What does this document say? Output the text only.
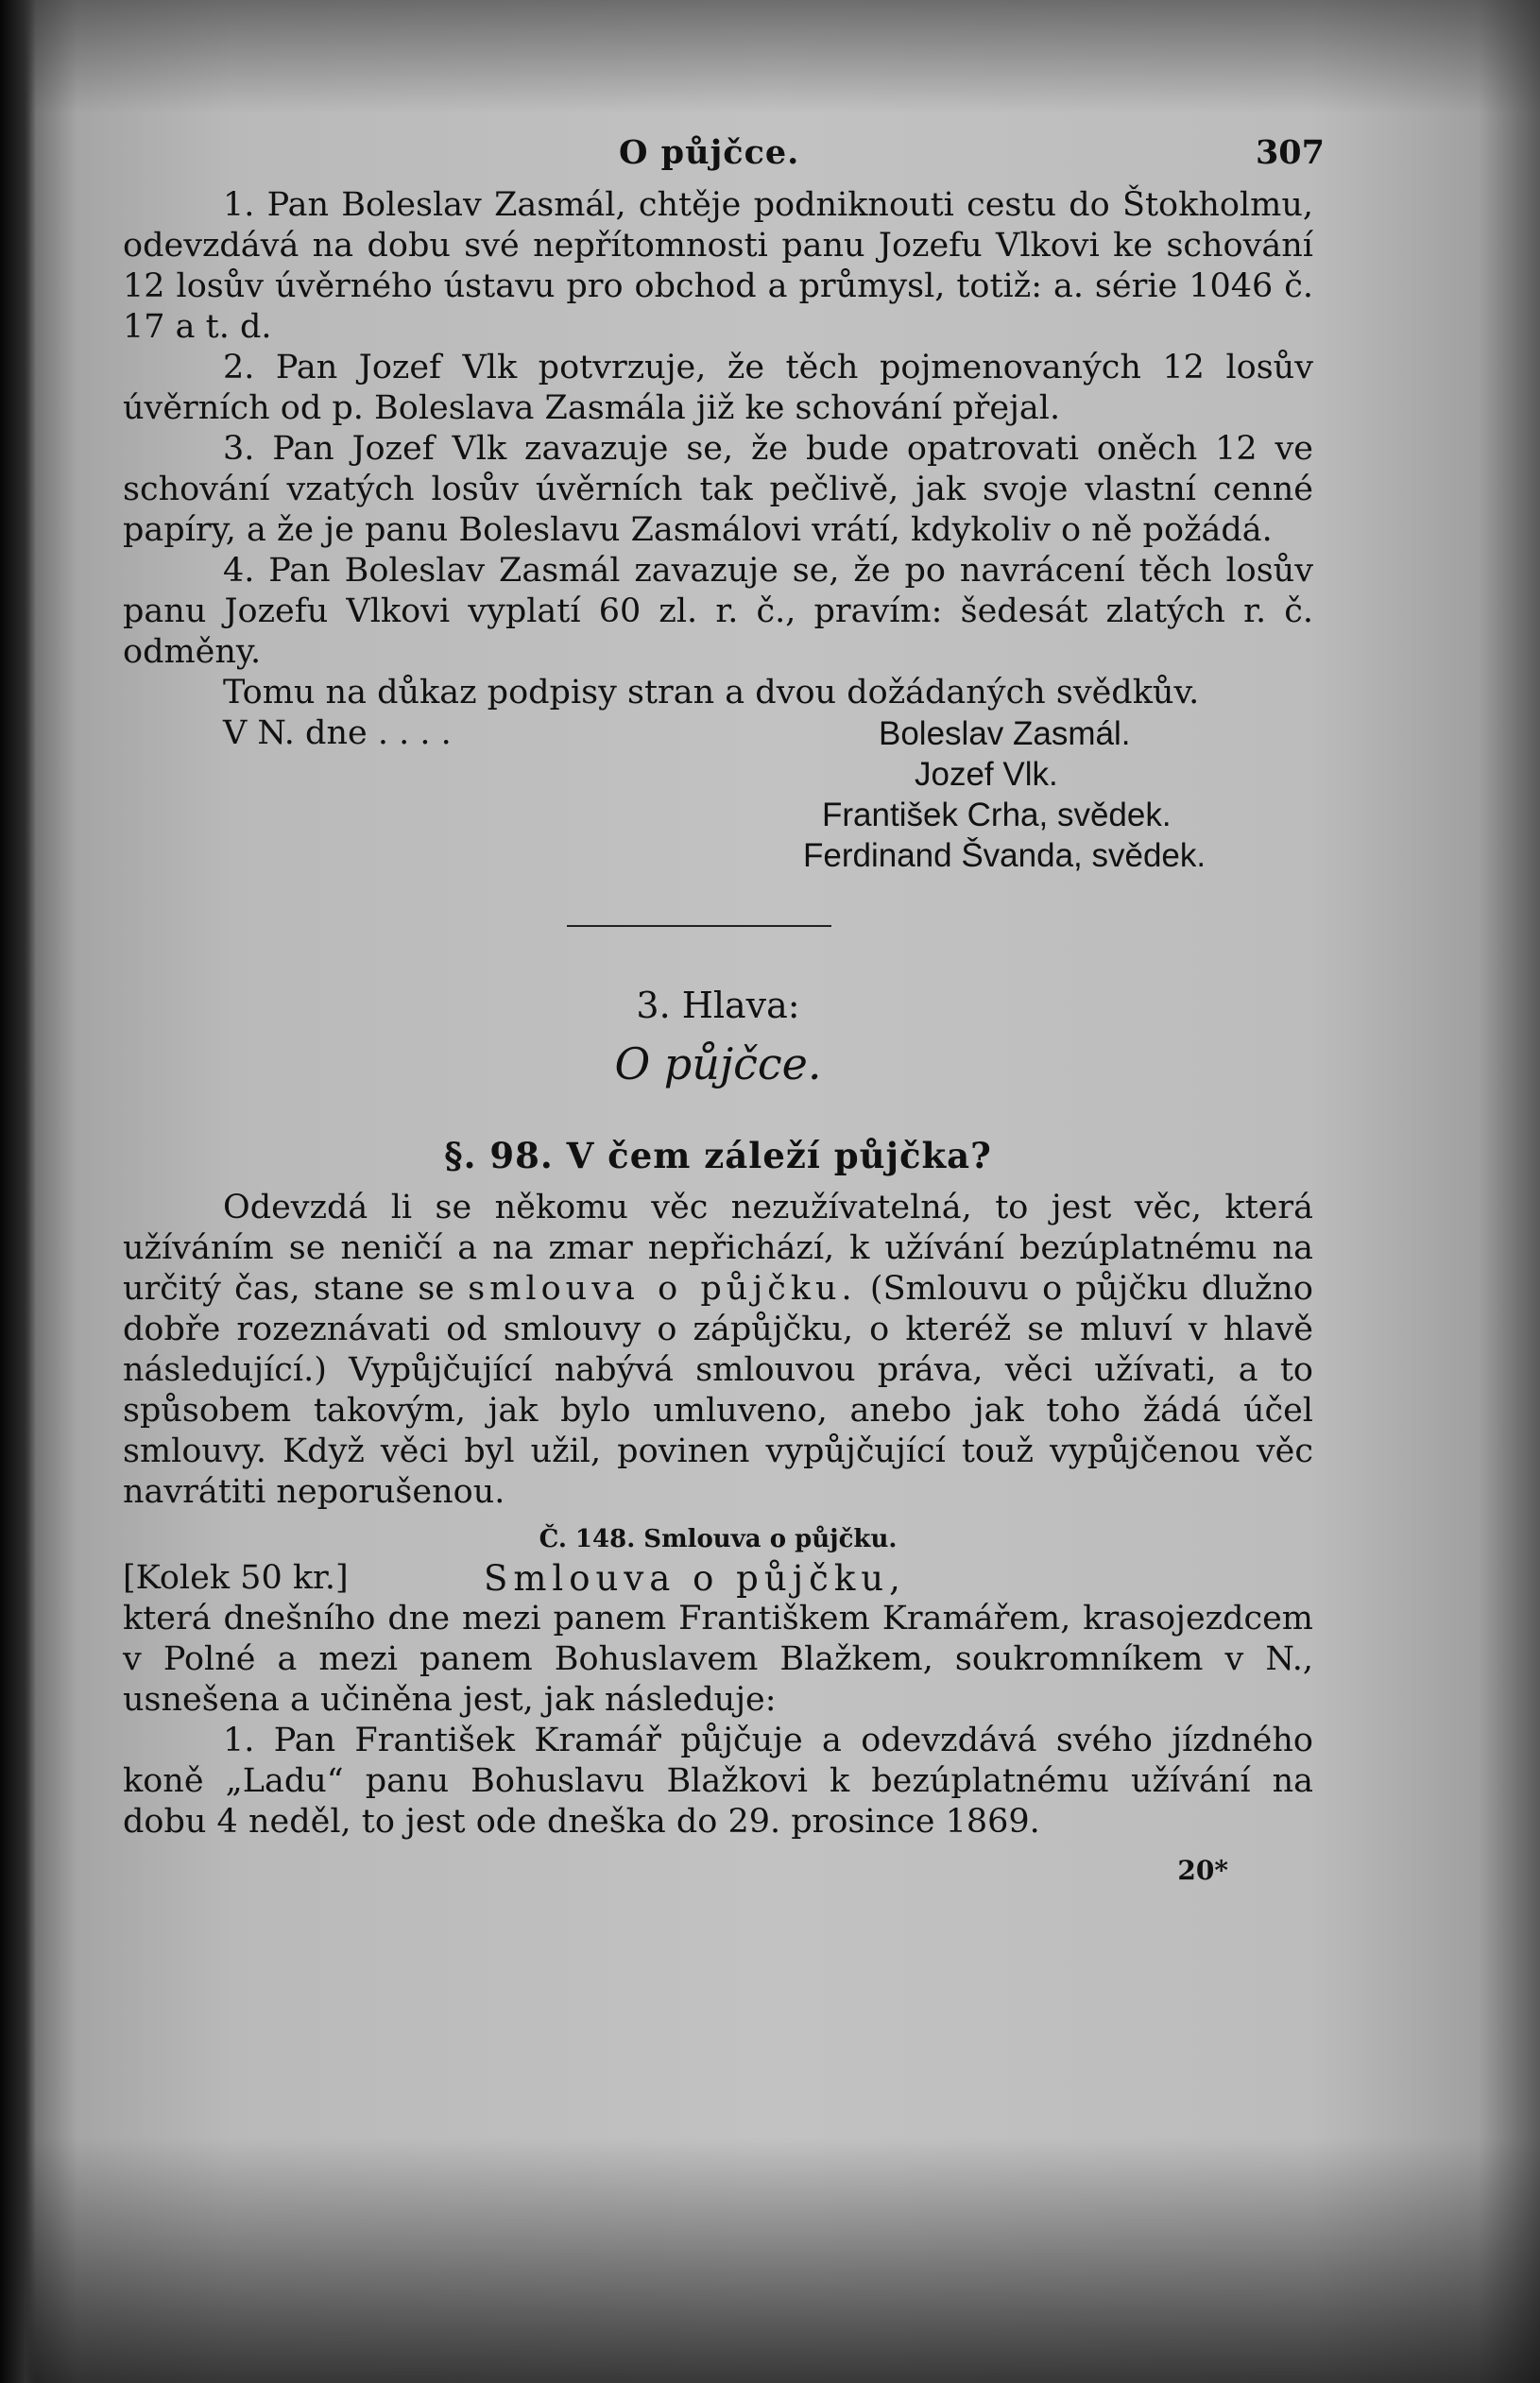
O půjčce.	307

1. Pan Boleslav Zasmál, chtěje podniknouti cestu do Štokholmu, odevzdává na dobu své nepřítomnosti panu Jozefu Vlkovi ke schování 12 losův úvěrného ústavu pro obchod a průmysl, totiž: a. série 1046 č. 17 a t. d.

2. Pan Jozef Vlk potvrzuje, že těch pojmenovaných 12 losův úvěrních od p. Boleslava Zasmála již ke schování přejal.

3. Pan Jozef Vlk zavazuje se, že bude opatrovati oněch 12 ve schování vzatých losův úvěrních tak pečlivě, jak svoje vlastní cenné papíry, a že je panu Boleslavu Zasmálovi vrátí, kdykoliv o ně požádá.

4. Pan Boleslav Zasmál zavazuje se, že po navrácení těch losův panu Jozefu Vlkovi vyplatí 60 zl. r. č., pravím: šedesát zlatých r. č. odměny.

Tomu na důkaz podpisy stran a dvou dožádaných svědkův.

V N. dne . . . .	Boleslav Zasmál.
Jozef Vlk.
František Crha, svědek.
Ferdinand Švanda, svědek.
3. Hlava:
O půjčce.
§. 98. V čem záleží půjčka?

Odevzdá li se někomu věc nezužívatelná, to jest věc, která užíváním se neničí a na zmar nepřichází, k užívání bezúplatnému na určitý čas, stane se smlouva o půjčku. (Smlouvu o půjčku dlužno dobře rozeznávati od smlouvy o zápůjčku, o kteréž se mluví v hlavě následující.) Vypůjčující nabývá smlouvou práva, věci užívati, a to spůsobem takovým, jak bylo umluveno, anebo jak toho žádá účel smlouvy. Když věci byl užil, povinen vypůjčující touž vypůjčenou věc navrátiti neporušenou.

Č. 148. Smlouva o půjčku.
[Kolek 50 kr.]	Smlouva o půjčku,

která dnešního dne mezi panem Františkem Kramářem, krasojezdcem v Polné a mezi panem Bohuslavem Blažkem, soukromníkem v N., usnešena a učiněna jest, jak následuje:

1. Pan František Kramář půjčuje a odevzdává svého jízdného koně „Ladu“ panu Bohuslavu Blažkovi k bezúplatnému užívání na dobu 4 neděl, to jest ode dneška do 29. prosince 1869.

20*
